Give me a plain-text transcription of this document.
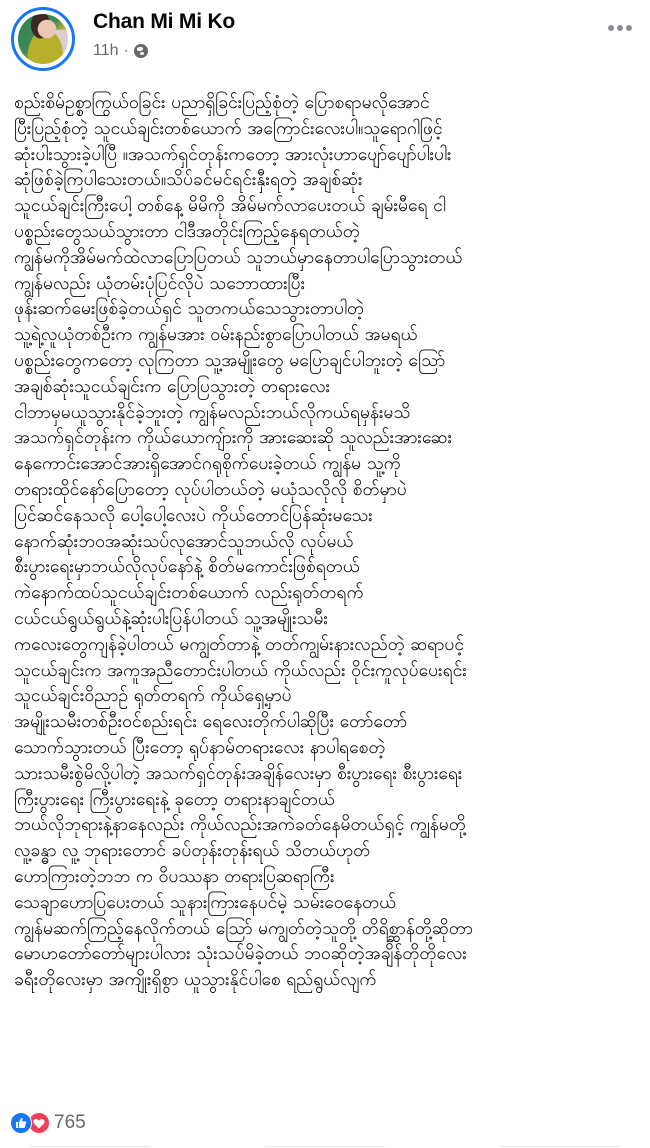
Chan Mi Mi Ko
11h ·
စည်းစိမ်ဥစ္စာကြွယ်ဝခြင်း ပညာရှိခြင်းပြည့်စုံတဲ့ ပြောစရာမလိုအောင်
ပြီးပြည့်စုံတဲ့ သူငယ်ချင်းတစ်ယောက် အကြောင်းလေးပါ။သူရောဂါဖြင့်
ဆုံးပါးသွားခဲ့ပါပြီ ။အသက်ရှင်တုန်းကတော့ အားလုံးဟာပျော်ပျော်ပါးပါး
ဆုံဖြစ်ခဲ့ကြပါသေးတယ်။သိပ်ခင်မင်ရင်းနှီးရတဲ့ အချစ်ဆုံး
သူငယ်ချင်းကြီးပေါ့ တစ်နေ့ မိမိကို အိမ်မက်လာပေးတယ် ချမ်းမီရေ ငါ
ပစ္စည်းတွေသယ်သွားတာ ငါဒီအတိုင်းကြည့်နေရတယ်တဲ့
ကျွန်မကိုအိမ်မက်ထဲလာပြောပြတယ် သူဘယ်မှာနေတာပါပြောသွားတယ်
ကျွန်မလည်း ယုံတမ်းပုံပြင်လိုပဲ သဘောထားပြီး
ဖုန်းဆက်မေးဖြစ်ခဲ့တယ်ရှင် သူတကယ်သေသွားတာပါတဲ့
သူ့ရဲ့လူယုံတစ်ဦးက ကျွန်မအား ဝမ်းနည်းစွာပြောပါတယ် အမရယ်
ပစ္စည်းတွေကတော့ လုကြတာ သူ့အမျိုးတွေ မပြောချင်ပါဘူးတဲ့ ဩော်
အချစ်ဆုံးသူငယ်ချင်းက ပြောပြသွားတဲ့ တရားလေး
ငါဘာမှမယူသွားနိုင်ခဲ့ဘူးတဲ့ ကျွန်မလည်းဘယ်လိုကယ်ရမှန်းမသိ
အသက်ရှင်တုန်းက ကိုယ်ယောကျ်ားကို အားဆေးဆို သူလည်းအားဆေး
နေကောင်းအောင်အားရှိအောင်ဂရုစိုက်ပေးခဲ့တယ် ကျွန်မ သူ့ကို
တရားထိုင်နော်ပြောတော့ လုပ်ပါတယ်တဲ့ မယုံသလိုလို စိတ်မှာပဲ
ပြင်ဆင်နေသလို ပေါ့ပေါ့လေးပဲ ကိုယ်တောင်ပြန်ဆုံးမသေး
နောက်ဆုံးဘဝအဆုံးသပ်လုအောင်သူဘယ်လို လုပ်မယ်
စီးပွားရေးမှာဘယ်လိုလုပ်နော်နဲ့ စိတ်မကောင်းဖြစ်ရတယ်
ကဲနောက်ထပ်သူငယ်ချင်းတစ်ယောက် လည်းရုတ်တရက်
ငယ်ငယ်ရွယ်ရွယ်နဲ့ဆုံးပါးပြန်ပါတယ် သူ့အမျိုးသမီး
ကလေးတွေကျန်ခဲ့ပါတယ် မကျွတ်တာနဲ့ တတ်ကျွမ်းနားလည်တဲ့ ဆရာပင့်
သူငယ်ချင်းက အကူအညီတောင်းပါတယ် ကိုယ်လည်း ဝိုင်းကူလုပ်ပေးရင်း
သူငယ်ချင်းဝိညာဉ် ရုတ်တရက် ကိုယ်ရှေ့မှာပဲ
အမျိုးသမီးတစ်ဦးဝင်စည်းရင်း ရေလေးတိုက်ပါဆိုပြီး တော်တော်
သောက်သွားတယ် ပြီးတော့ ရုပ်နာမ်တရားလေး နာပါရစေတဲ့
သားသမီးစွဲမိလို့ပါတဲ့ အသက်ရှင်တုန်းအချိန်လေးမှာ စီးပွားရေး စီးပွားရေး
ကြီးပွားရေး ကြီးပွားရေးနဲ့ ခုတော့ တရားနာချင်တယ်
ဘယ်လိုဘုရားနဲ့နာနေလည်း ကိုယ်လည်းအကဲခတ်နေမိတယ်ရှင့် ကျွန်မတို့
လူ့ခန္ဓာ လူ့ ဘုရားတောင် ခပ်တုန်းတုန်းရယ် သိတယ်ဟုတ်
ဟောကြားတဲ့ဘဘ က ဝိပဿနာ တရားပြဆရာကြီး
သေချာဟောပြပေးတယ် သူနားကြားနေပင်မဲ့ သမ်းဝေနေတယ်
ကျွန်မဆက်ကြည့်နေလိုက်တယ် ဩော် မကျွတ်တဲ့သူတို့ တိရိစ္ဆာန်တို့ဆိုတာ
မောဟတော်တော်များပါလား သုံးသပ်မိခဲ့တယ် ဘဝဆိုတဲ့အချိန်တိုတိုလေး
ခရီးတိုလေးမှာ အကျိုးရှိစွာ ယူသွားနိုင်ပါစေ ရည်ရွယ်လျက်
765
